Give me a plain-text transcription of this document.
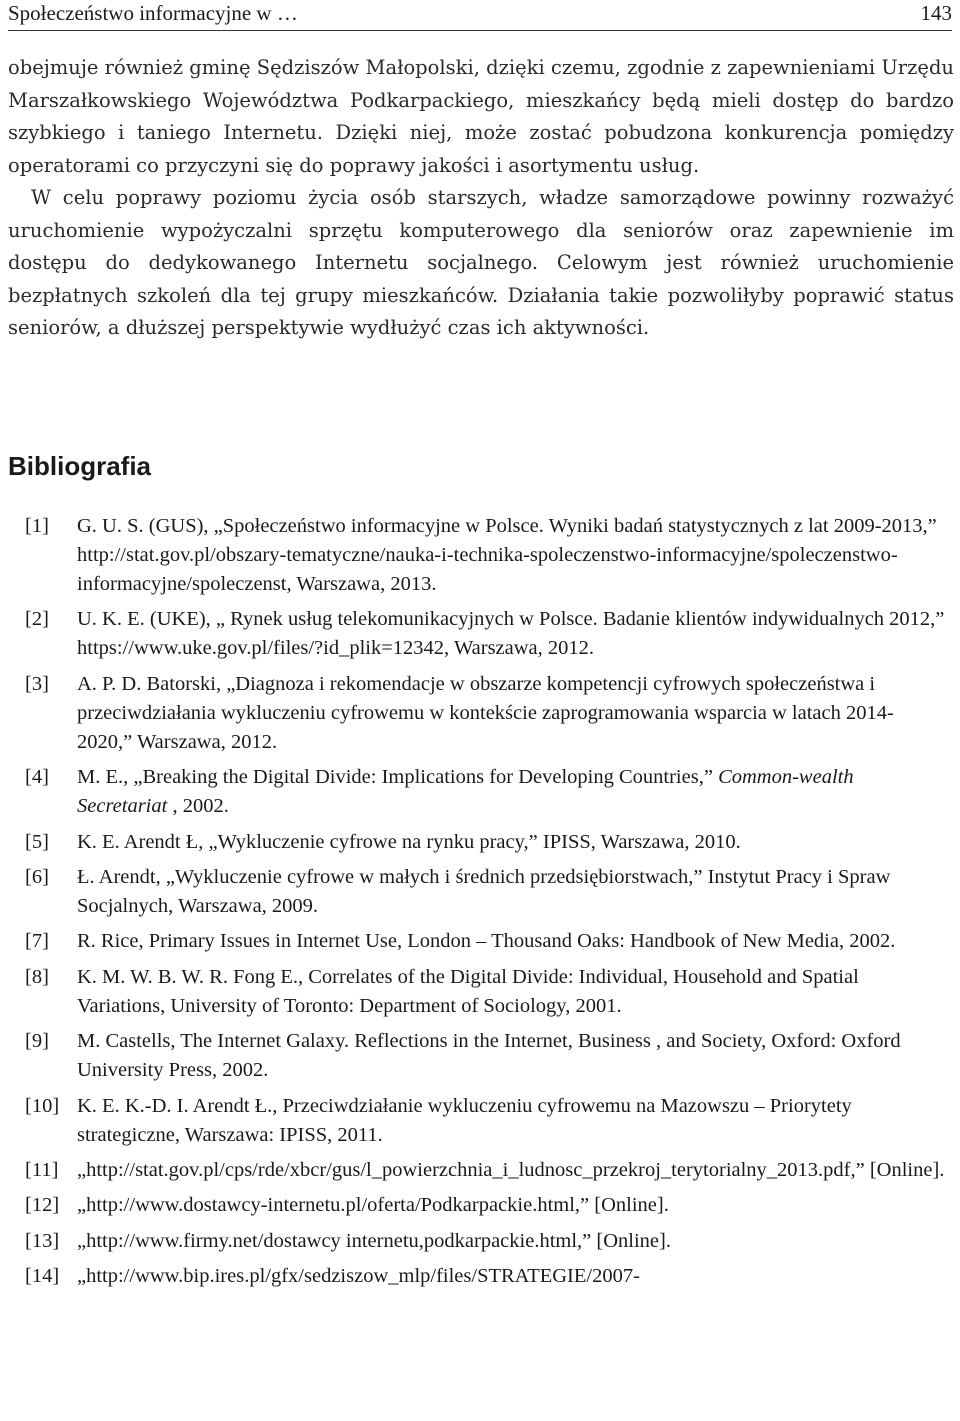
Społeczeństwo informacyjne w …	143

obejmuje również gminę Sędziszów Małopolski, dzięki czemu, zgodnie z zapewnieniami Urzędu Marszałkowskiego Województwa Podkarpackiego, mieszkańcy będą mieli dostęp do bardzo szybkiego i taniego Internetu. Dzięki niej, może zostać pobudzona konkurencja pomiędzy operatorami co przyczyni się do poprawy jakości i asortymentu usług.

W celu poprawy poziomu życia osób starszych, władze samorządowe powinny rozważyć uruchomienie wypożyczalni sprzętu komputerowego dla seniorów oraz zapewnienie im dostępu do dedykowanego Internetu socjalnego. Celowym jest również uruchomienie bezpłatnych szkoleń dla tej grupy mieszkańców. Działania takie pozwoliłyby poprawić status seniorów, a dłuższej perspektywie wydłużyć czas ich aktywności.

Bibliografia
[1]	G. U. S. (GUS), „Społeczeństwo informacyjne w Polsce. Wyniki badań statystycznych z lat 2009-2013,” http://stat.gov.pl/obszary-tematyczne/nauka-i-technika-spoleczenstwo-informacyjne/spoleczenstwo-informacyjne/spoleczenst, Warszawa, 2013.
[2]	U. K. E. (UKE), „ Rynek usług telekomunikacyjnych w Polsce. Badanie klientów indywidualnych 2012,” https://www.uke.gov.pl/files/?id_plik=12342, Warszawa, 2012.
[3]	A. P. D. Batorski, „Diagnoza i rekomendacje w obszarze kompetencji cyfrowych społeczeństwa i przeciwdziałania wykluczeniu cyfrowemu w kontekście zaprogramowania wsparcia w latach 2014-2020,” Warszawa, 2012.
[4]	M. E., „Breaking the Digital Divide: Implications for Developing Countries,” Common-wealth Secretariat , 2002.
[5]	K. E. Arendt Ł, „Wykluczenie cyfrowe na rynku pracy,” IPISS, Warszawa, 2010.
[6]	Ł. Arendt, „Wykluczenie cyfrowe w małych i średnich przedsiębiorstwach,” Instytut Pracy i Spraw Socjalnych, Warszawa, 2009.
[7]	R. Rice, Primary Issues in Internet Use, London – Thousand Oaks: Handbook of New Media, 2002.
[8]	K. M. W. B. W. R. Fong E., Correlates of the Digital Divide: Individual, Household and Spatial Variations, University of Toronto: Department of Sociology, 2001.
[9]	M. Castells, The Internet Galaxy. Reflections in the Internet, Business , and Society, Oxford: Oxford University Press, 2002.
[10] K. E. K.-D. I. Arendt Ł., Przeciwdziałanie wykluczeniu cyfrowemu na Mazowszu – Priorytety strategiczne, Warszawa: IPISS, 2011.
[11] „http://stat.gov.pl/cps/rde/xbcr/gus/l_powierzchnia_i_ludnosc_przekroj_terytorialny_2013.pdf,” [Online].
[12] „http://www.dostawcy-internetu.pl/oferta/Podkarpackie.html,” [Online].
[13] „http://www.firmy.net/dostawcy internetu,podkarpackie.html,” [Online].
[14] „http://www.bip.ires.pl/gfx/sedziszow_mlp/files/STRATEGIE/2007-
